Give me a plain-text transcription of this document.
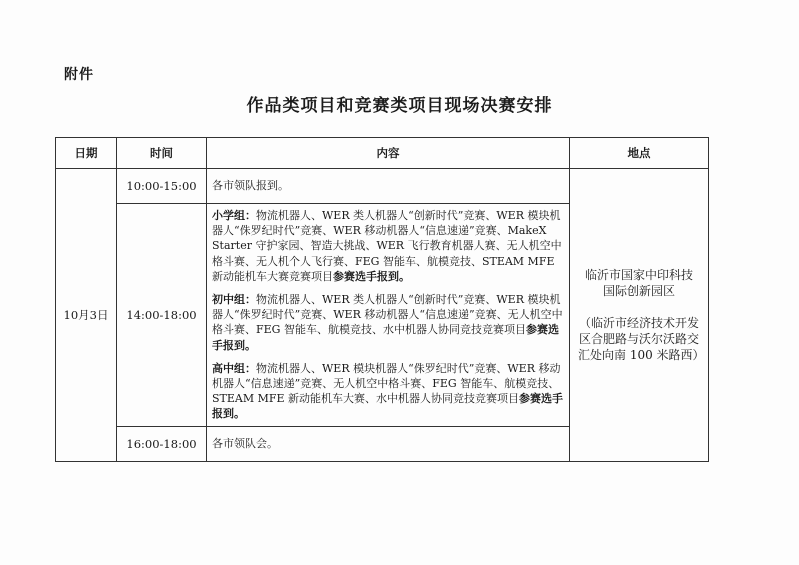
附件
作品类项目和竞赛类项目现场决赛安排
日期	时间	内容	地点
10月3日	10:00-15:00	各市领队报到。	临沂市国家中印科技国际创新园区
（临沂市经济技术开发区合肥路与沃尔沃路交汇处向南 100 米路西）

	14:00-18:00	小学组：物流机器人、WER 类人机器人“创新时代”竞赛、WER 模块机器人“侏罗纪时代”竞赛、WER 移动机器人“信息速递”竞赛、MakeX Starter 守护家园、智造大挑战、WER 飞行教育机器人赛、无人机空中格斗赛、无人机个人飞行赛、FEG 智能车、航模竞技、STEAM MFE 新动能机车大赛竞赛项目参赛选手报到。
初中组：物流机器人、WER 类人机器人“创新时代”竞赛、WER 模块机器人“侏罗纪时代”竞赛、WER 移动机器人“信息速递”竞赛、无人机空中格斗赛、FEG 智能车、航模竞技、水中机器人协同竞技竞赛项目参赛选手报到。
高中组：物流机器人、WER 模块机器人“侏罗纪时代”竞赛、WER 移动机器人“信息速递”竞赛、无人机空中格斗赛、FEG 智能车、航模竞技、STEAM MFE 新动能机车大赛、水中机器人协同竞技竞赛项目参赛选手报到。	

	16:00-18:00	各市领队会。	
